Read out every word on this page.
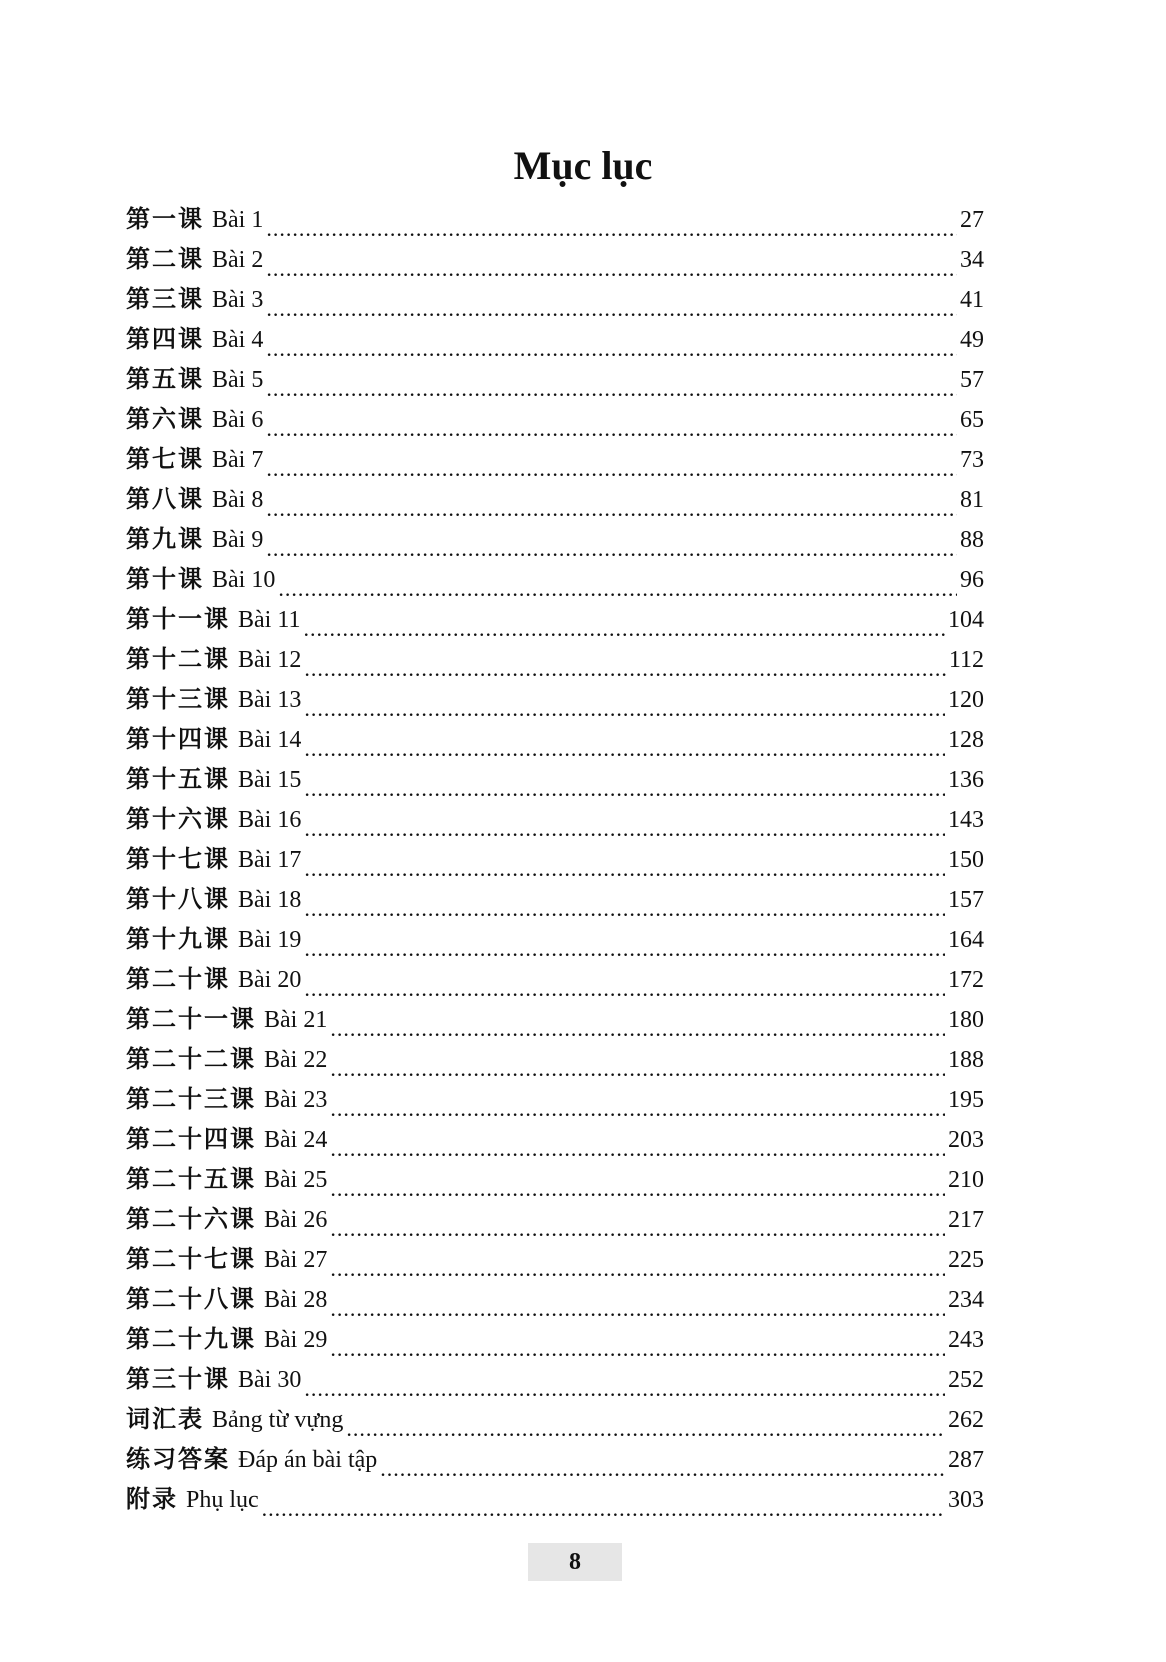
Mục lục
第一课 Bài 1 .....	27
第二课 Bài 2 .....	34
第三课 Bài 3 .....	41
第四课 Bài 4 .....	49
第五课 Bài 5 .....	57
第六课 Bài 6 .....	65
第七课 Bài 7 .....	73
第八课 Bài 8 .....	81
第九课 Bài 9 .....	88
第十课 Bài 10 .....	96
第十一课 Bài 11 .....	104
第十二课 Bài 12 .....	112
第十三课 Bài 13 .....	120
第十四课 Bài 14 .....	128
第十五课 Bài 15 .....	136
第十六课 Bài 16 .....	143
第十七课 Bài 17 .....	150
第十八课 Bài 18 .....	157
第十九课 Bài 19 .....	164
第二十课 Bài 20 .....	172
第二十一课 Bài 21 .....	180
第二十二课 Bài 22 .....	188
第二十三课 Bài 23 .....	195
第二十四课 Bài 24 .....	203
第二十五课 Bài 25 .....	210
第二十六课 Bài 26 .....	217
第二十七课 Bài 27 .....	225
第二十八课 Bài 28 .....	234
第二十九课 Bài 29 .....	243
第三十课 Bài 30 .....	252
词汇表 Bảng từ vựng .....	262
练习答案 Đáp án bài tập .....	287
附录 Phụ lục .....	303
8
